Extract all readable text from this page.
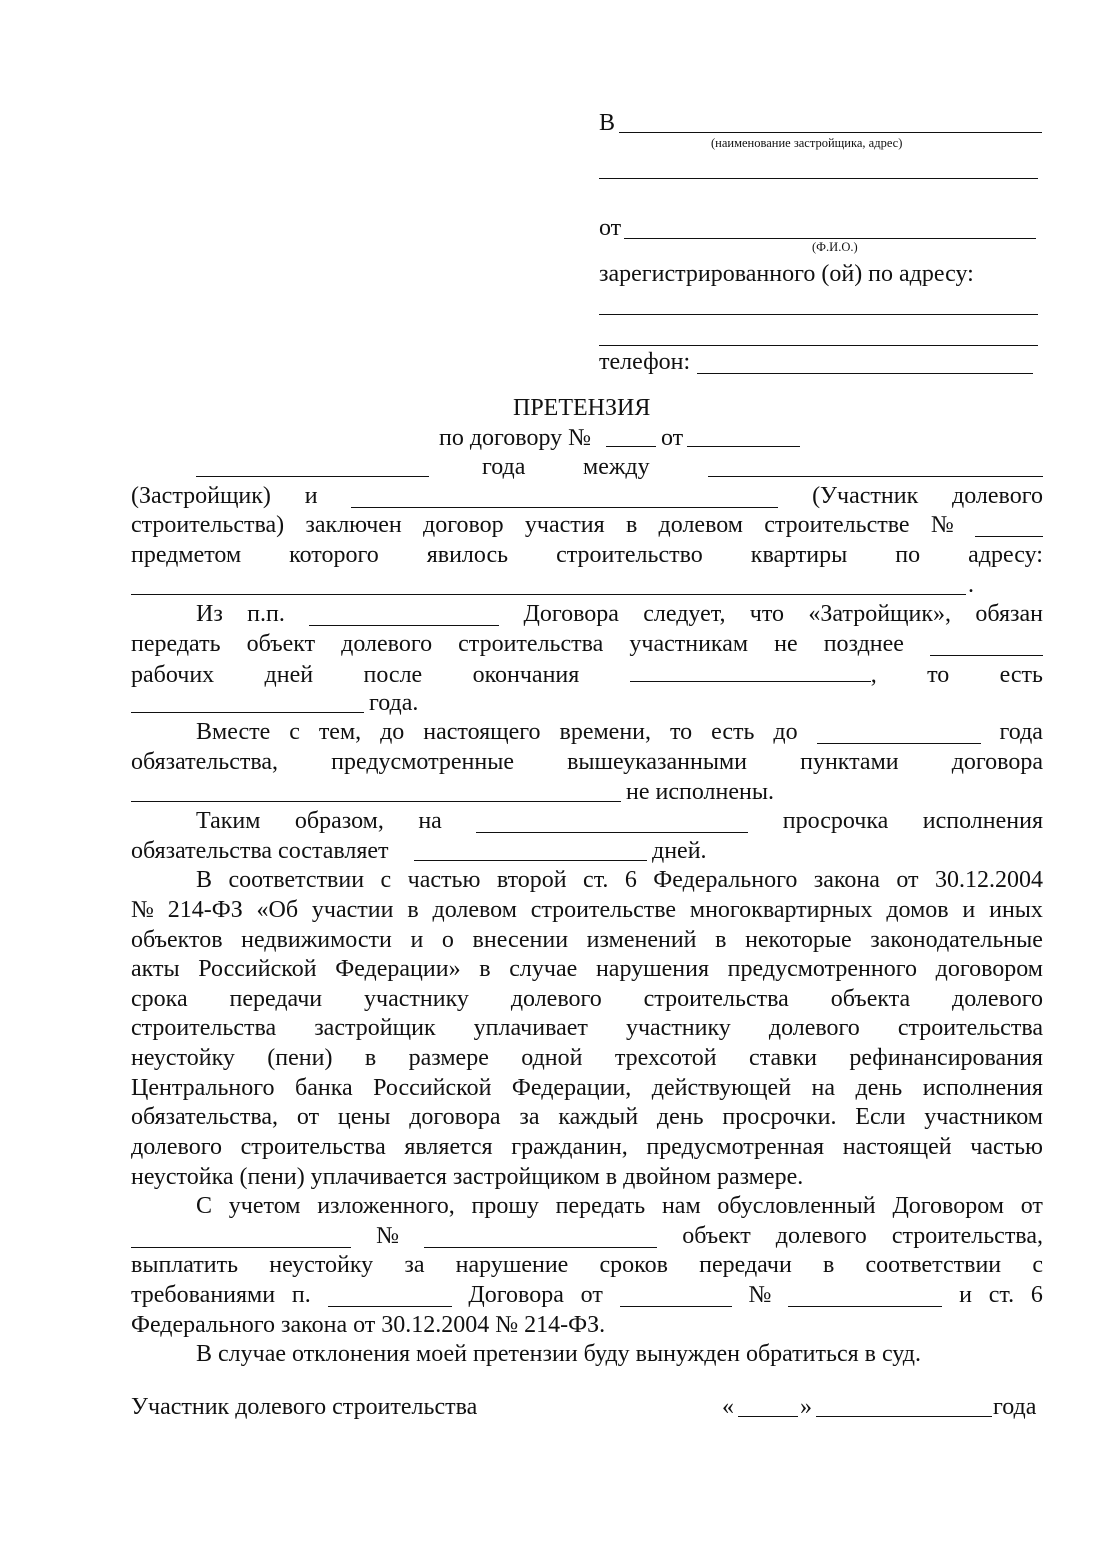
В
(наименование застройщика, адрес)
от
(Ф.И.О.)
зарегистрированного (ой) по адресу:
телефон:
ПРЕТЕНЗИЯ
по договору №	от
года между
(Застройщик) и	(Участник долевого
строительства) заключен договор участия в долевом строительстве №
предметом которого явилось строительство квартиры по адресу:
.
Из п.п.	Договора следует, что «Затройщик», обязан
передать объект долевого строительства участникам не позднее
рабочих дней после окончания	, то есть
года.
Вместе с тем, до настоящего времени, то есть до	года
обязательства, предусмотренные вышеуказанными пунктами договора
не исполнены.
Таким образом, на	просрочка исполнения
обязательства составляет	дней.
В соответствии с частью второй ст. 6 Федерального закона от 30.12.2004
№ 214-ФЗ «Об участии в долевом строительстве многоквартирных домов и иных
объектов недвижимости и о внесении изменений в некоторые законодательные
акты Российской Федерации» в случае нарушения предусмотренного договором
срока передачи участнику долевого строительства объекта долевого
строительства застройщик уплачивает участнику долевого строительства
неустойку (пени) в размере одной трехсотой ставки рефинансирования
Центрального банка Российской Федерации, действующей на день исполнения
обязательства, от цены договора за каждый день просрочки. Если участником
долевого строительства является гражданин, предусмотренная настоящей частью
неустойка (пени) уплачивается застройщиком в двойном размере.
С учетом изложенного, прошу передать нам обусловленный Договором от
№	объект долевого строительства,
выплатить неустойку за нарушение сроков передачи в соответствии с
требованиями п.	Договора от	№	и ст. 6
Федерального закона от 30.12.2004 № 214-ФЗ.
В случае отклонения моей претензии буду вынужден обратиться в суд.
Участник долевого строительства	«	»	года
